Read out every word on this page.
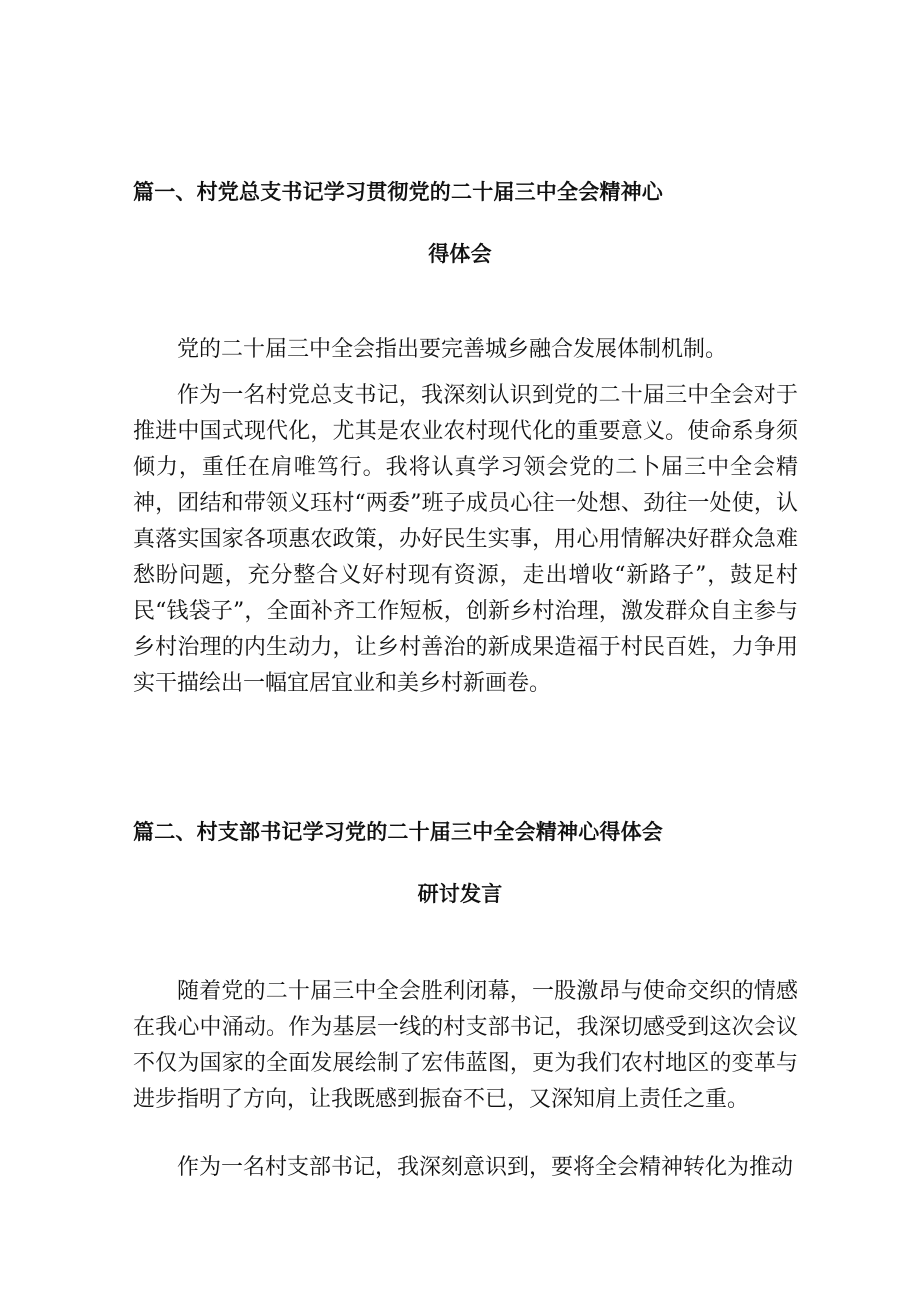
篇一、村党总支书记学习贯彻党的二十届三中全会精神心
得体会

党的二十届三中全会指出要完善城乡融合发展体制机制。

作为一名村党总支书记，我深刻认识到党的二十届三中全会对于推进中国式现代化，尤其是农业农村现代化的重要意义。使命系身须倾力，重任在肩唯笃行。我将认真学习领会党的二卜届三中全会精神，团结和带领义珏村“两委”班子成员心往一处想、劲往一处使，认真落实国家各项惠农政策，办好民生实事，用心用情解决好群众急难愁盼问题，充分整合义好村现有资源，走出增收“新路子”，鼓足村民“钱袋子”，全面补齐工作短板，创新乡村治理，激发群众自主参与乡村治理的内生动力，让乡村善治的新成果造福于村民百姓，力争用实干描绘出一幅宜居宜业和美乡村新画卷。

篇二、村支部书记学习党的二十届三中全会精神心得体会
研讨发言

随着党的二十届三中全会胜利闭幕，一股激昂与使命交织的情感在我心中涌动。作为基层一线的村支部书记，我深切感受到这次会议不仅为国家的全面发展绘制了宏伟蓝图，更为我们农村地区的变革与进步指明了方向，让我既感到振奋不已，又深知肩上责任之重。

作为一名村支部书记，我深刻意识到，要将全会精神转化为推动
